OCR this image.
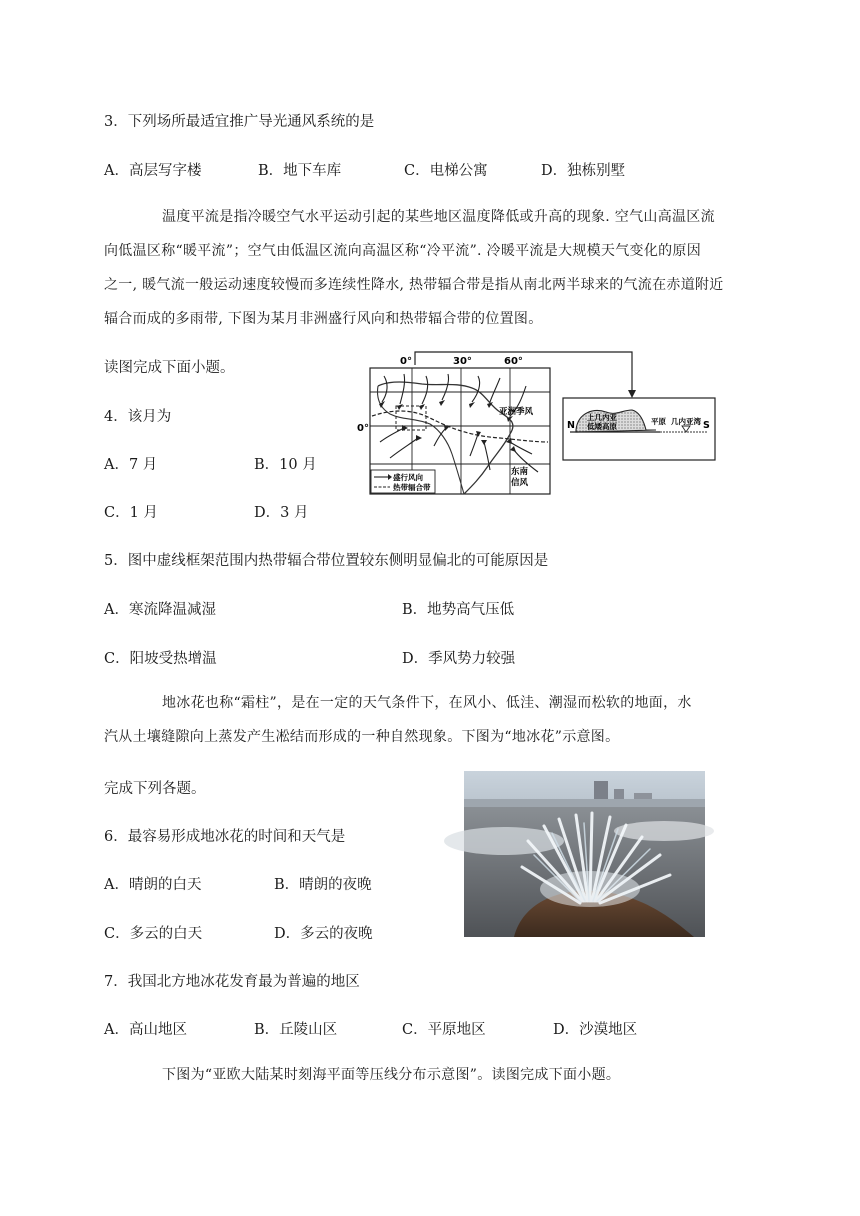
3．下列场所最适宜推广导光通风系统的是
A．高层写字楼	B．地下车库	C．电梯公寓	D．独栋别墅
温度平流是指冷暖空气水平运动引起的某些地区温度降低或升高的现象. 空气山高温区流
向低温区称“暖平流”；空气由低温区流向高温区称“冷平流”. 冷暖平流是大规模天气变化的原因
之一, 暖气流一般运动速度较慢而多连续性降水, 热带辐合带是指从南北两半球来的气流在赤道附近
辐合而成的多雨带, 下图为某月非洲盛行风向和热带辐合带的位置图。
读图完成下面小题。	0°	30°	60°
0°
亚洲季风
东南
信风
盛行风向
热带辐合带
N	S
上几内亚
低矮高原
平原 几内亚湾
4．该月为
A．7 月	B．10 月
C．1 月	D．3 月
5．图中虚线框架范围内热带辐合带位置较东侧明显偏北的可能原因是
A．寒流降温减湿	B．地势高气压低
C．阳坡受热增温	D．季风势力较强
地冰花也称“霜柱”，是在一定的天气条件下，在风小、低洼、潮湿而松软的地面，水
汽从土壤缝隙向上蒸发产生凇结而形成的一种自然现象。下图为“地冰花”示意图。
完成下列各题。
6．最容易形成地冰花的时间和天气是
A．晴朗的白天	B．晴朗的夜晚
C．多云的白天	D．多云的夜晚
7．我国北方地冰花发育最为普遍的地区
A．高山地区	B．丘陵山区	C．平原地区	D．沙漠地区
下图为“亚欧大陆某时刻海平面等压线分布示意图”。读图完成下面小题。
